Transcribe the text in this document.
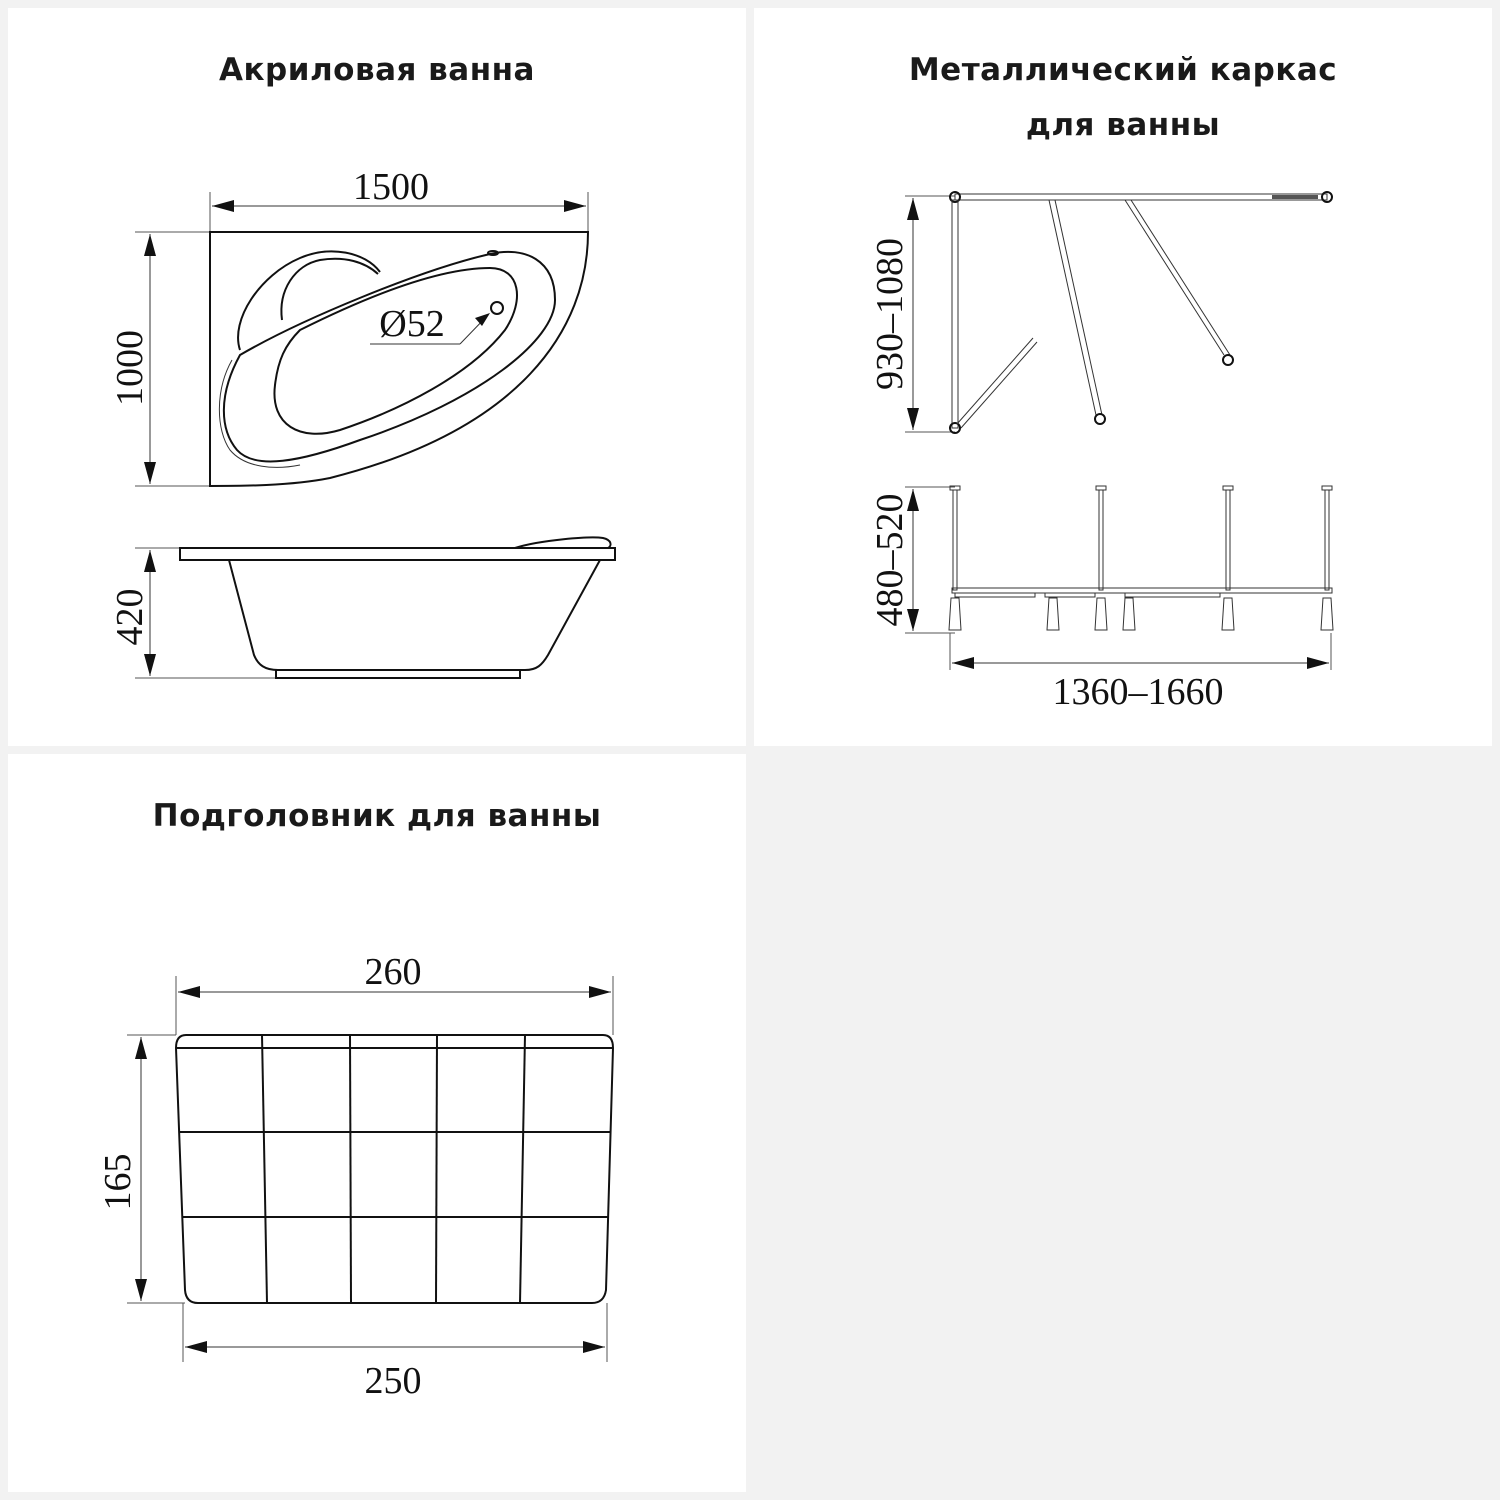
Акриловая ванна
1500
1000
Ø52
420
Металлический каркас
для ванны
930–1080
480–520
1360–1660
Подголовник для ванны
260
165
250
